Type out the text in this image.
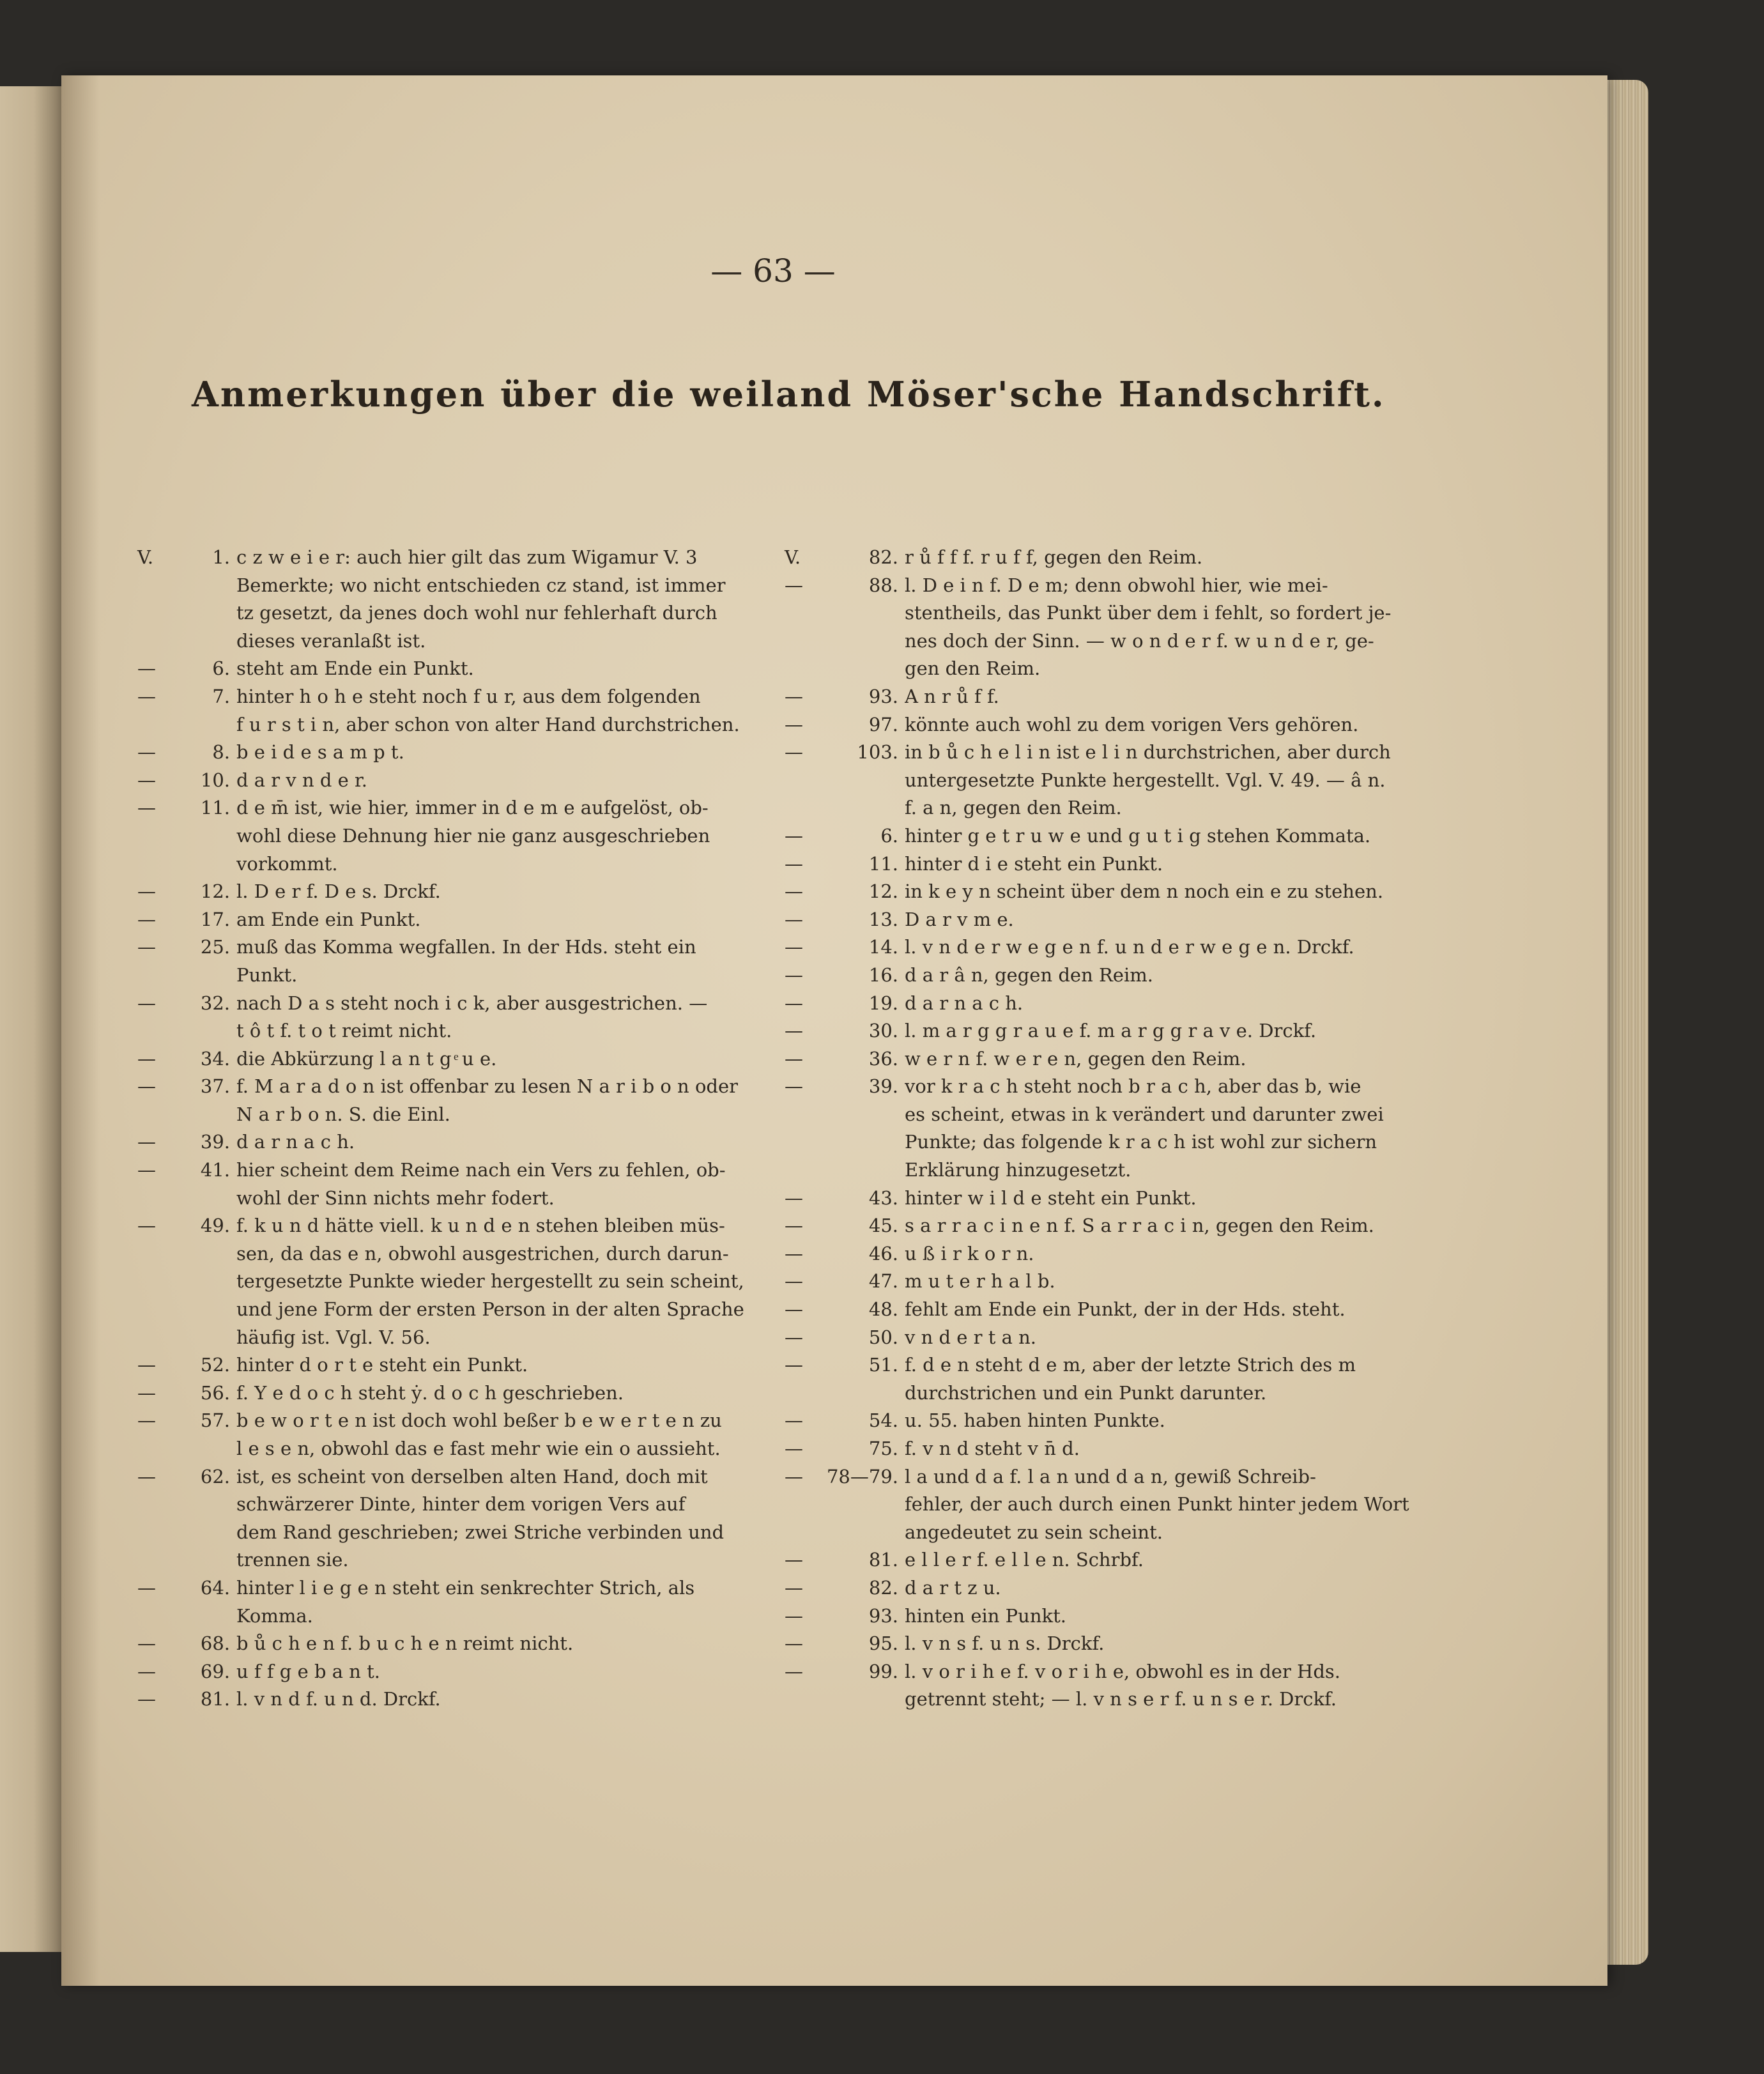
— 63 —
Anmerkungen über die weiland Möser'sche Handschrift.
V.	1. c z w e i e r: auch hier gilt das zum Wigamur V. 3
Bemerkte; wo nicht entschieden cz stand, ist immer
tz gesetzt, da jenes doch wohl nur fehlerhaft durch
dieses veranlaßt ist.
—	6. steht am Ende ein Punkt.
—	7. hinter h o h e steht noch f u r, aus dem folgenden
f u r s t i n, aber schon von alter Hand durchstrichen.
—	8. b e i d e s a m p t.
—	10. d a r v n d e r.
—	11. d e m̄ ist, wie hier, immer in d e m e aufgelöst, ob-
wohl diese Dehnung hier nie ganz ausgeschrieben
vorkommt.
—	12. l. D e r f. D e s. Drckf.
—	17. am Ende ein Punkt.
—	25. muß das Komma wegfallen. In der Hds. steht ein
Punkt.
—	32. nach D a s steht noch i c k, aber ausgestrichen. —
t ô t f. t o t reimt nicht.
—	34. die Abkürzung l a n t g ͤ u e.
—	37. f. M a r a d o n ist offenbar zu lesen N a r i b o n oder
N a r b o n. S. die Einl.
—	39. d a r n a c h.
—	41. hier scheint dem Reime nach ein Vers zu fehlen, ob-
wohl der Sinn nichts mehr fodert.
—	49. f. k u n d hätte viell. k u n d e n stehen bleiben müs-
sen, da das e n, obwohl ausgestrichen, durch darun-
tergesetzte Punkte wieder hergestellt zu sein scheint,
und jene Form der ersten Person in der alten Sprache
häufig ist. Vgl. V. 56.
—	52. hinter d o r t e steht ein Punkt.
—	56. f. Y e d o c h steht ẏ. d o c h geschrieben.
—	57. b e w o r t e n ist doch wohl beßer b e w e r t e n zu
l e s e n, obwohl das e fast mehr wie ein o aussieht.
—	62. ist, es scheint von derselben alten Hand, doch mit
schwärzerer Dinte, hinter dem vorigen Vers auf
dem Rand geschrieben; zwei Striche verbinden und
trennen sie.
—	64. hinter l i e g e n steht ein senkrechter Strich, als
Komma.
—	68. b ů c h e n f. b u c h e n reimt nicht.
—	69. u f f g e b a n t.
—	81. l. v n d f. u n d. Drckf.
V.	82. r ů f f f. r u f f, gegen den Reim.
—	88. l. D e i n f. D e m; denn obwohl hier, wie mei-
stentheils, das Punkt über dem i fehlt, so fordert je-
nes doch der Sinn. — w o n d e r f. w u n d e r, ge-
gen den Reim.
—	93. A n r ů f f.
—	97. könnte auch wohl zu dem vorigen Vers gehören.
—	103. in b ů c h e l i n ist e l i n durchstrichen, aber durch
untergesetzte Punkte hergestellt. Vgl. V. 49. — â n.
f. a n, gegen den Reim.
—	6. hinter g e t r u w e und g u t i g stehen Kommata.
—	11. hinter d i e steht ein Punkt.
—	12. in k e y n scheint über dem n noch ein e zu stehen.
—	13. D a r v m e.
—	14. l. v n d e r w e g e n f. u n d e r w e g e n. Drckf.
—	16. d a r â n, gegen den Reim.
—	19. d a r n a c h.
—	30. l. m a r g g r a u e f. m a r g g r a v e. Drckf.
—	36. w e r n f. w e r e n, gegen den Reim.
—	39. vor k r a c h steht noch b r a c h, aber das b, wie
es scheint, etwas in k verändert und darunter zwei
Punkte; das folgende k r a c h ist wohl zur sichern
Erklärung hinzugesetzt.
—	43. hinter w i l d e steht ein Punkt.
—	45. s a r r a c i n e n f. S a r r a c i n, gegen den Reim.
—	46. u ß i r k o r n.
—	47. m u t e r h a l b.
—	48. fehlt am Ende ein Punkt, der in der Hds. steht.
—	50. v n d e r t a n.
—	51. f. d e n steht d e m, aber der letzte Strich des m
durchstrichen und ein Punkt darunter.
—	54. u. 55. haben hinten Punkte.
—	75. f. v n d steht v n̄ d.
—	78—79. l a und d a f. l a n und d a n, gewiß Schreib-
fehler, der auch durch einen Punkt hinter jedem Wort
angedeutet zu sein scheint.
—	81. e l l e r f. e l l e n. Schrbf.
—	82. d a r t z u.
—	93. hinten ein Punkt.
—	95. l. v n s f. u n s. Drckf.
—	99. l. v o r i h e f. v o r i h e, obwohl es in der Hds.
getrennt steht; — l. v n s e r f. u n s e r. Drckf.
